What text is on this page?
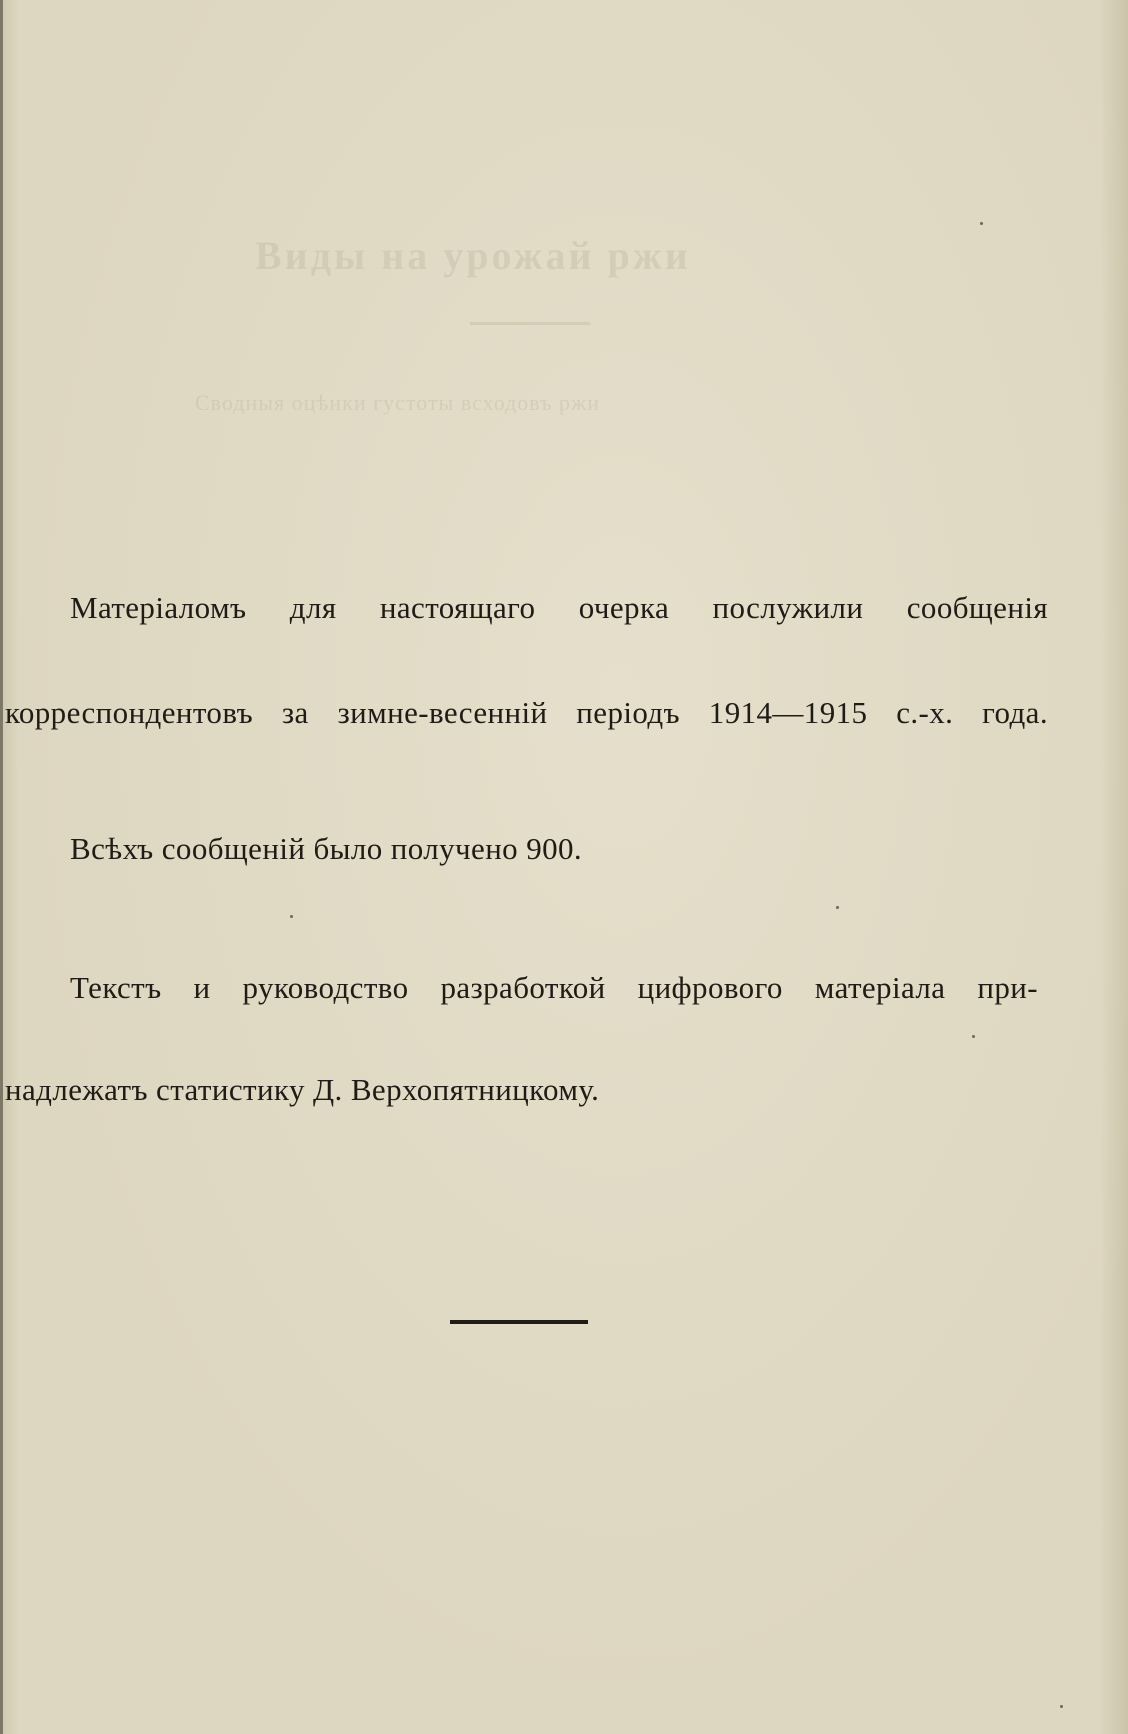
Виды на урожай ржи
Сводныя оцѣнки густоты всходовъ ржи
Матеріаломъ для настоящаго очерка послужили сообщенія
корреспондентовъ за зимне-весенній періодъ 1914—1915 с.-х. года.
Всѣхъ сообщеній было получено 900.
Текстъ и руководство разработкой цифрового матеріала при-
надлежатъ статистику Д. Верхопятницкому.
